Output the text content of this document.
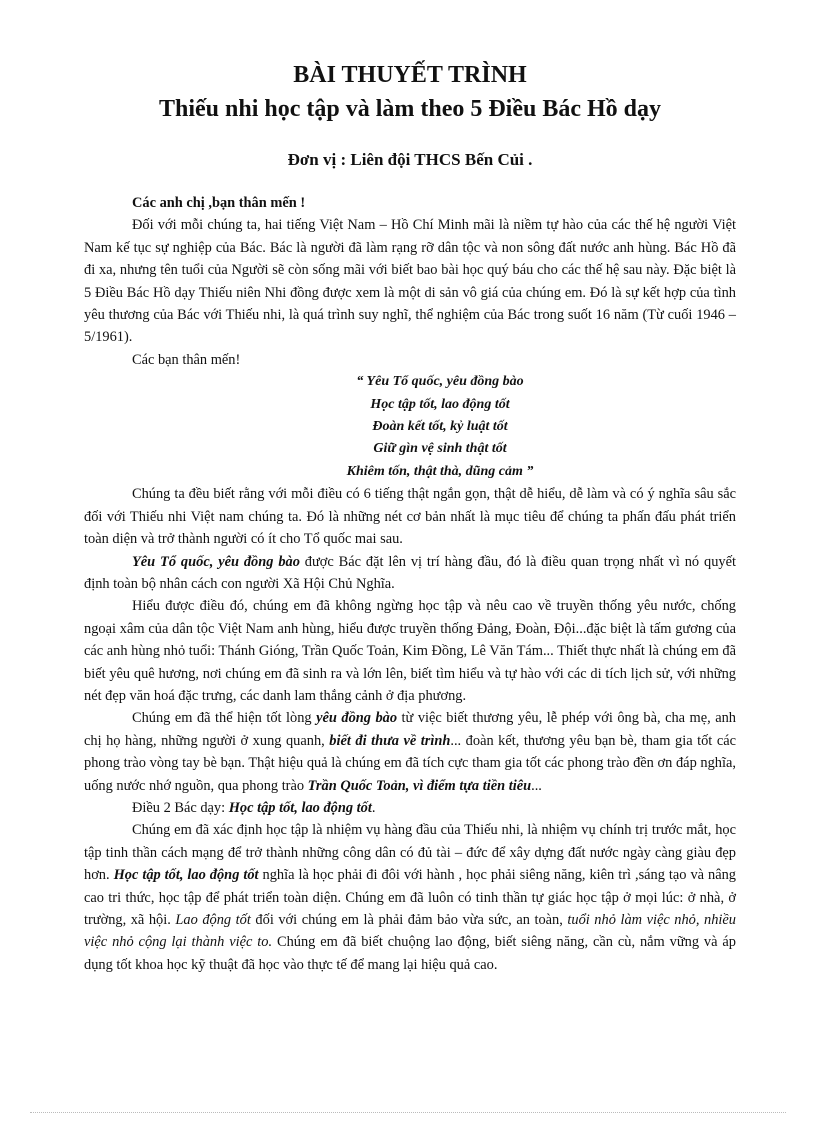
BÀI THUYẾT TRÌNH
Thiếu nhi học tập và làm theo 5 Điều Bác Hồ dạy
Đơn vị : Liên đội THCS Bến Củi .

Các anh chị ,bạn thân mến !

Đối với mỗi chúng ta, hai tiếng Việt Nam – Hồ Chí Minh mãi là niềm tự hào của các thế hệ người Việt Nam kế tục sự nghiệp của Bác. Bác là người đã làm rạng rỡ dân tộc và non sông đất nước anh hùng. Bác Hồ đã đi xa, nhưng tên tuổi của Người sẽ còn sống mãi với biết bao bài học quý báu cho các thế hệ sau này. Đặc biệt là 5 Điều Bác Hồ dạy Thiếu niên Nhi đồng được xem là một di sản vô giá của chúng em. Đó là sự kết hợp của tình yêu thương của Bác với Thiếu nhi, là quá trình suy nghĩ, thể nghiệm của Bác trong suốt 16 năm (Từ cuối 1946 – 5/1961).

Các bạn thân mến!

“ Yêu Tổ quốc, yêu đồng bào
Học tập tốt, lao động tốt
Đoàn kết tốt, kỷ luật tốt
Giữ gìn vệ sinh thật tốt
Khiêm tốn, thật thà, dũng cảm ”

Chúng ta đều biết rằng với mỗi điều có 6 tiếng thật ngắn gọn, thật dễ hiểu, dễ làm và có ý nghĩa sâu sắc đối với Thiếu nhi Việt nam chúng ta. Đó là những nét cơ bản nhất là mục tiêu để chúng ta phấn đấu phát triển toàn diện và trở thành người có ít cho Tổ quốc mai sau.

Yêu Tổ quốc, yêu đồng bào được Bác đặt lên vị trí hàng đầu, đó là điều quan trọng nhất vì nó quyết định toàn bộ nhân cách con người Xã Hội Chủ Nghĩa.

Hiểu được điều đó, chúng em đã không ngừng học tập và nêu cao về truyền thống yêu nước, chống ngoại xâm của dân tộc Việt Nam anh hùng, hiểu được truyền thống Đảng, Đoàn, Đội...đặc biệt là tấm gương của các anh hùng nhỏ tuổi: Thánh Gióng, Trần Quốc Toản, Kim Đồng, Lê Văn Tám... Thiết thực nhất là chúng em đã biết yêu quê hương, nơi chúng em đã sinh ra và lớn lên, biết tìm hiểu và tự hào với các di tích lịch sử, với những nét đẹp văn hoá đặc trưng, các danh lam thắng cảnh ở địa phương.

Chúng em đã thể hiện tốt lòng yêu đồng bào từ việc biết thương yêu, lễ phép với ông bà, cha mẹ, anh chị họ hàng, những người ở xung quanh, biết đi thưa về trình... đoàn kết, thương yêu bạn bè, tham gia tốt các phong trào vòng tay bè bạn. Thật hiệu quả là chúng em đã tích cực tham gia tốt các phong trào đền ơn đáp nghĩa, uống nước nhớ nguồn, qua phong trào Trần Quốc Toản, vì điểm tựa tiền tiêu...

Điều 2 Bác dạy: Học tập tốt, lao động tốt.

Chúng em đã xác định học tập là nhiệm vụ hàng đầu của Thiếu nhi, là nhiệm vụ chính trị trước mắt, học tập tinh thần cách mạng để trở thành những công dân có đủ tài – đức để xây dựng đất nước ngày càng giàu đẹp hơn. Học tập tốt, lao động tốt nghĩa là học phải đi đôi với hành , học phải siêng năng, kiên trì ,sáng tạo và nâng cao tri thức, học tập để phát triển toàn diện. Chúng em đã luôn có tinh thần tự giác học tập ở mọi lúc: ở nhà, ở trường, xã hội. Lao động tốt đối với chúng em là phải đảm bảo vừa sức, an toàn, tuổi nhỏ làm việc nhỏ, nhiều việc nhỏ cộng lại thành việc to. Chúng em đã biết chuộng lao động, biết siêng năng, cần cù, nắm vững và áp dụng tốt khoa học kỹ thuật đã học vào thực tế để mang lại hiệu quả cao.
